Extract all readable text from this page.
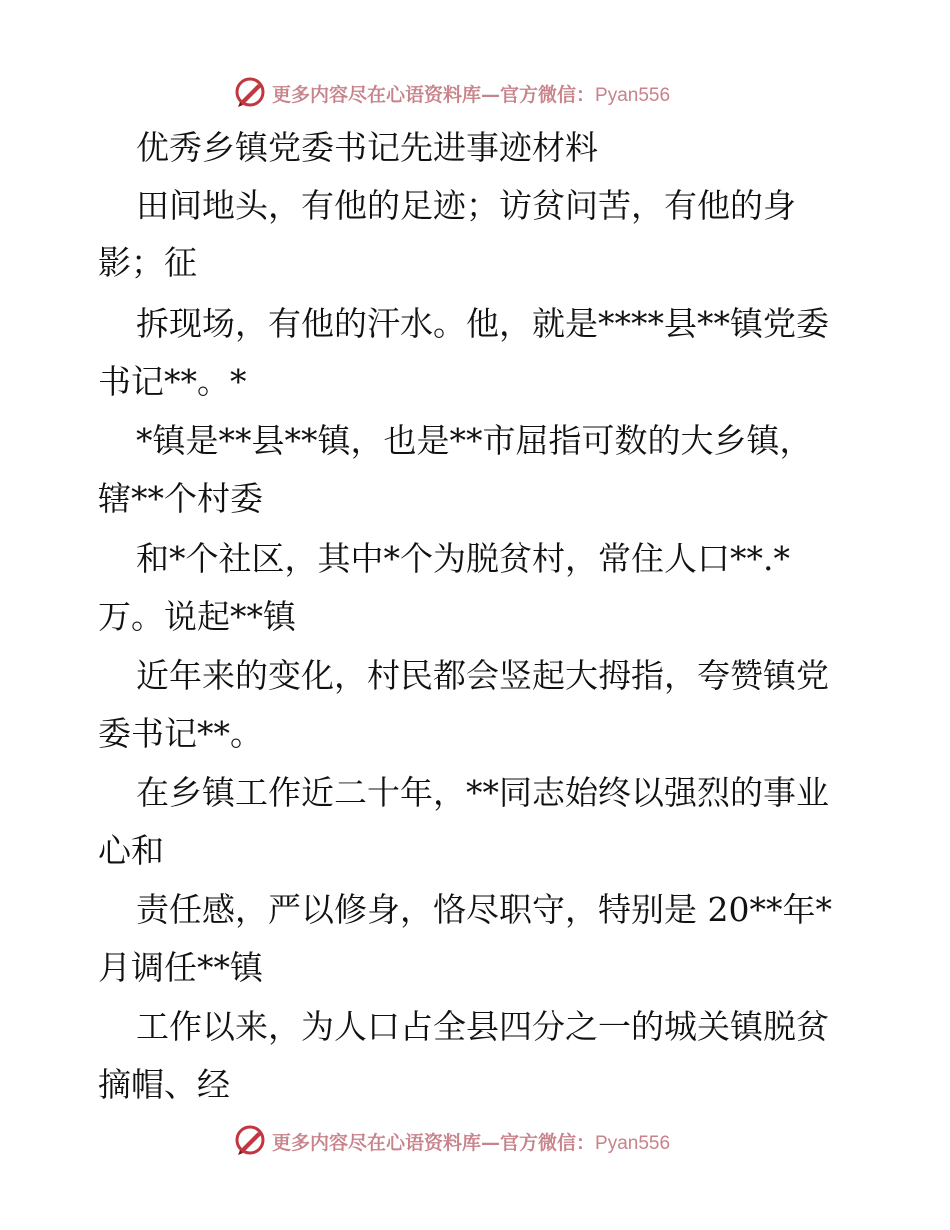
更多内容尽在心语资料库—官方微信：Pyan556
更多内容尽在心语资料库—官方微信：Pyan556
优秀乡镇党委书记先进事迹材料
田间地头，有他的足迹；访贫问苦，有他的身
影；征
拆现场，有他的汗水。他，就是****县**镇党委
书记**。*
*镇是**县**镇，也是**市屈指可数的大乡镇，
辖**个村委
和*个社区，其中*个为脱贫村，常住人口**.*
万。说起**镇
近年来的变化，村民都会竖起大拇指，夸赞镇党
委书记**。
在乡镇工作近二十年，**同志始终以强烈的事业
心和
责任感，严以修身，恪尽职守，特别是 20**年*
月调任**镇
工作以来，为人口占全县四分之一的城关镇脱贫
摘帽、经
